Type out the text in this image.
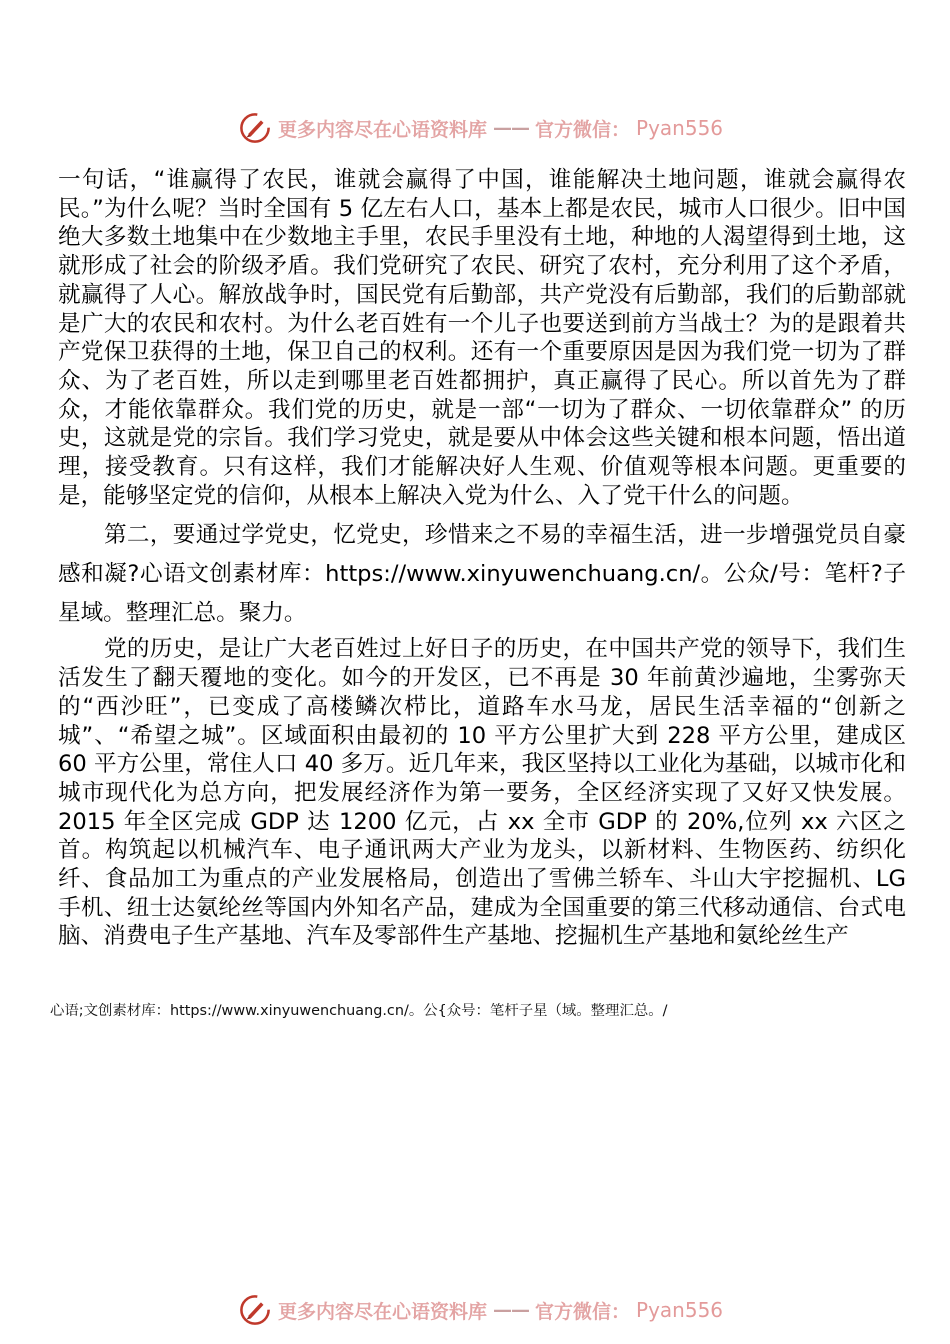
更多内容尽在心语资料库 —— 官方微信： Pyan556

一句话，“谁赢得了农民，谁就会赢得了中国，谁能解决土地问题，谁就会赢得农民。”为什么呢？当时全国有 5 亿左右人口，基本上都是农民，城市人口很少。旧中国绝大多数土地集中在少数地主手里，农民手里没有土地，种地的人渴望得到土地，这就形成了社会的阶级矛盾。我们党研究了农民、研究了农村，充分利用了这个矛盾，就赢得了人心。解放战争时，国民党有后勤部，共产党没有后勤部，我们的后勤部就是广大的农民和农村。为什么老百姓有一个儿子也要送到前方当战士？为的是跟着共产党保卫获得的土地，保卫自己的权利。还有一个重要原因是因为我们党一切为了群众、为了老百姓，所以走到哪里老百姓都拥护，真正赢得了民心。所以首先为了群众，才能依靠群众。我们党的历史，就是一部“一切为了群众、一切依靠群众” 的历史，这就是党的宗旨。我们学习党史，就是要从中体会这些关键和根本问题，悟出道理，接受教育。只有这样，我们才能解决好人生观、价值观等根本问题。更重要的是，能够坚定党的信仰，从根本上解决入党为什么、入了党干什么的问题。

第二，要通过学党史，忆党史，珍惜来之不易的幸福生活，进一步增强党员自豪感和凝?心语文创素材库：https://www.xinyuwenchuang.cn/。公众/号：笔杆?子星域。整理汇总。聚力。

党的历史，是让广大老百姓过上好日子的历史，在中国共产党的领导下，我们生活发生了翻天覆地的变化。如今的开发区，已不再是 30 年前黄沙遍地，尘雾弥天的“西沙旺”，已变成了高楼鳞次栉比，道路车水马龙，居民生活幸福的“创新之城”、“希望之城”。区域面积由最初的 10 平方公里扩大到 228 平方公里，建成区 60 平方公里，常住人口 40 多万。近几年来，我区坚持以工业化为基础，以城市化和城市现代化为总方向，把发展经济作为第一要务，全区经济实现了又好又快发展。2015 年全区完成 GDP 达 1200 亿元，占 xx 全市 GDP 的 20%,位列 xx 六区之首。构筑起以机械汽车、电子通讯两大产业为龙头，以新材料、生物医药、纺织化纤、食品加工为重点的产业发展格局，创造出了雪佛兰轿车、斗山大宇挖掘机、LG 手机、纽士达氨纶丝等国内外知名产品，建成为全国重要的第三代移动通信、台式电脑、消费电子生产基地、汽车及零部件生产基地、挖掘机生产基地和氨纶丝生产

心语;文创素材库：https://www.xinyuwenchuang.cn/。公{众号：笔杆子星（域。整理汇总。/
更多内容尽在心语资料库 —— 官方微信： Pyan556
